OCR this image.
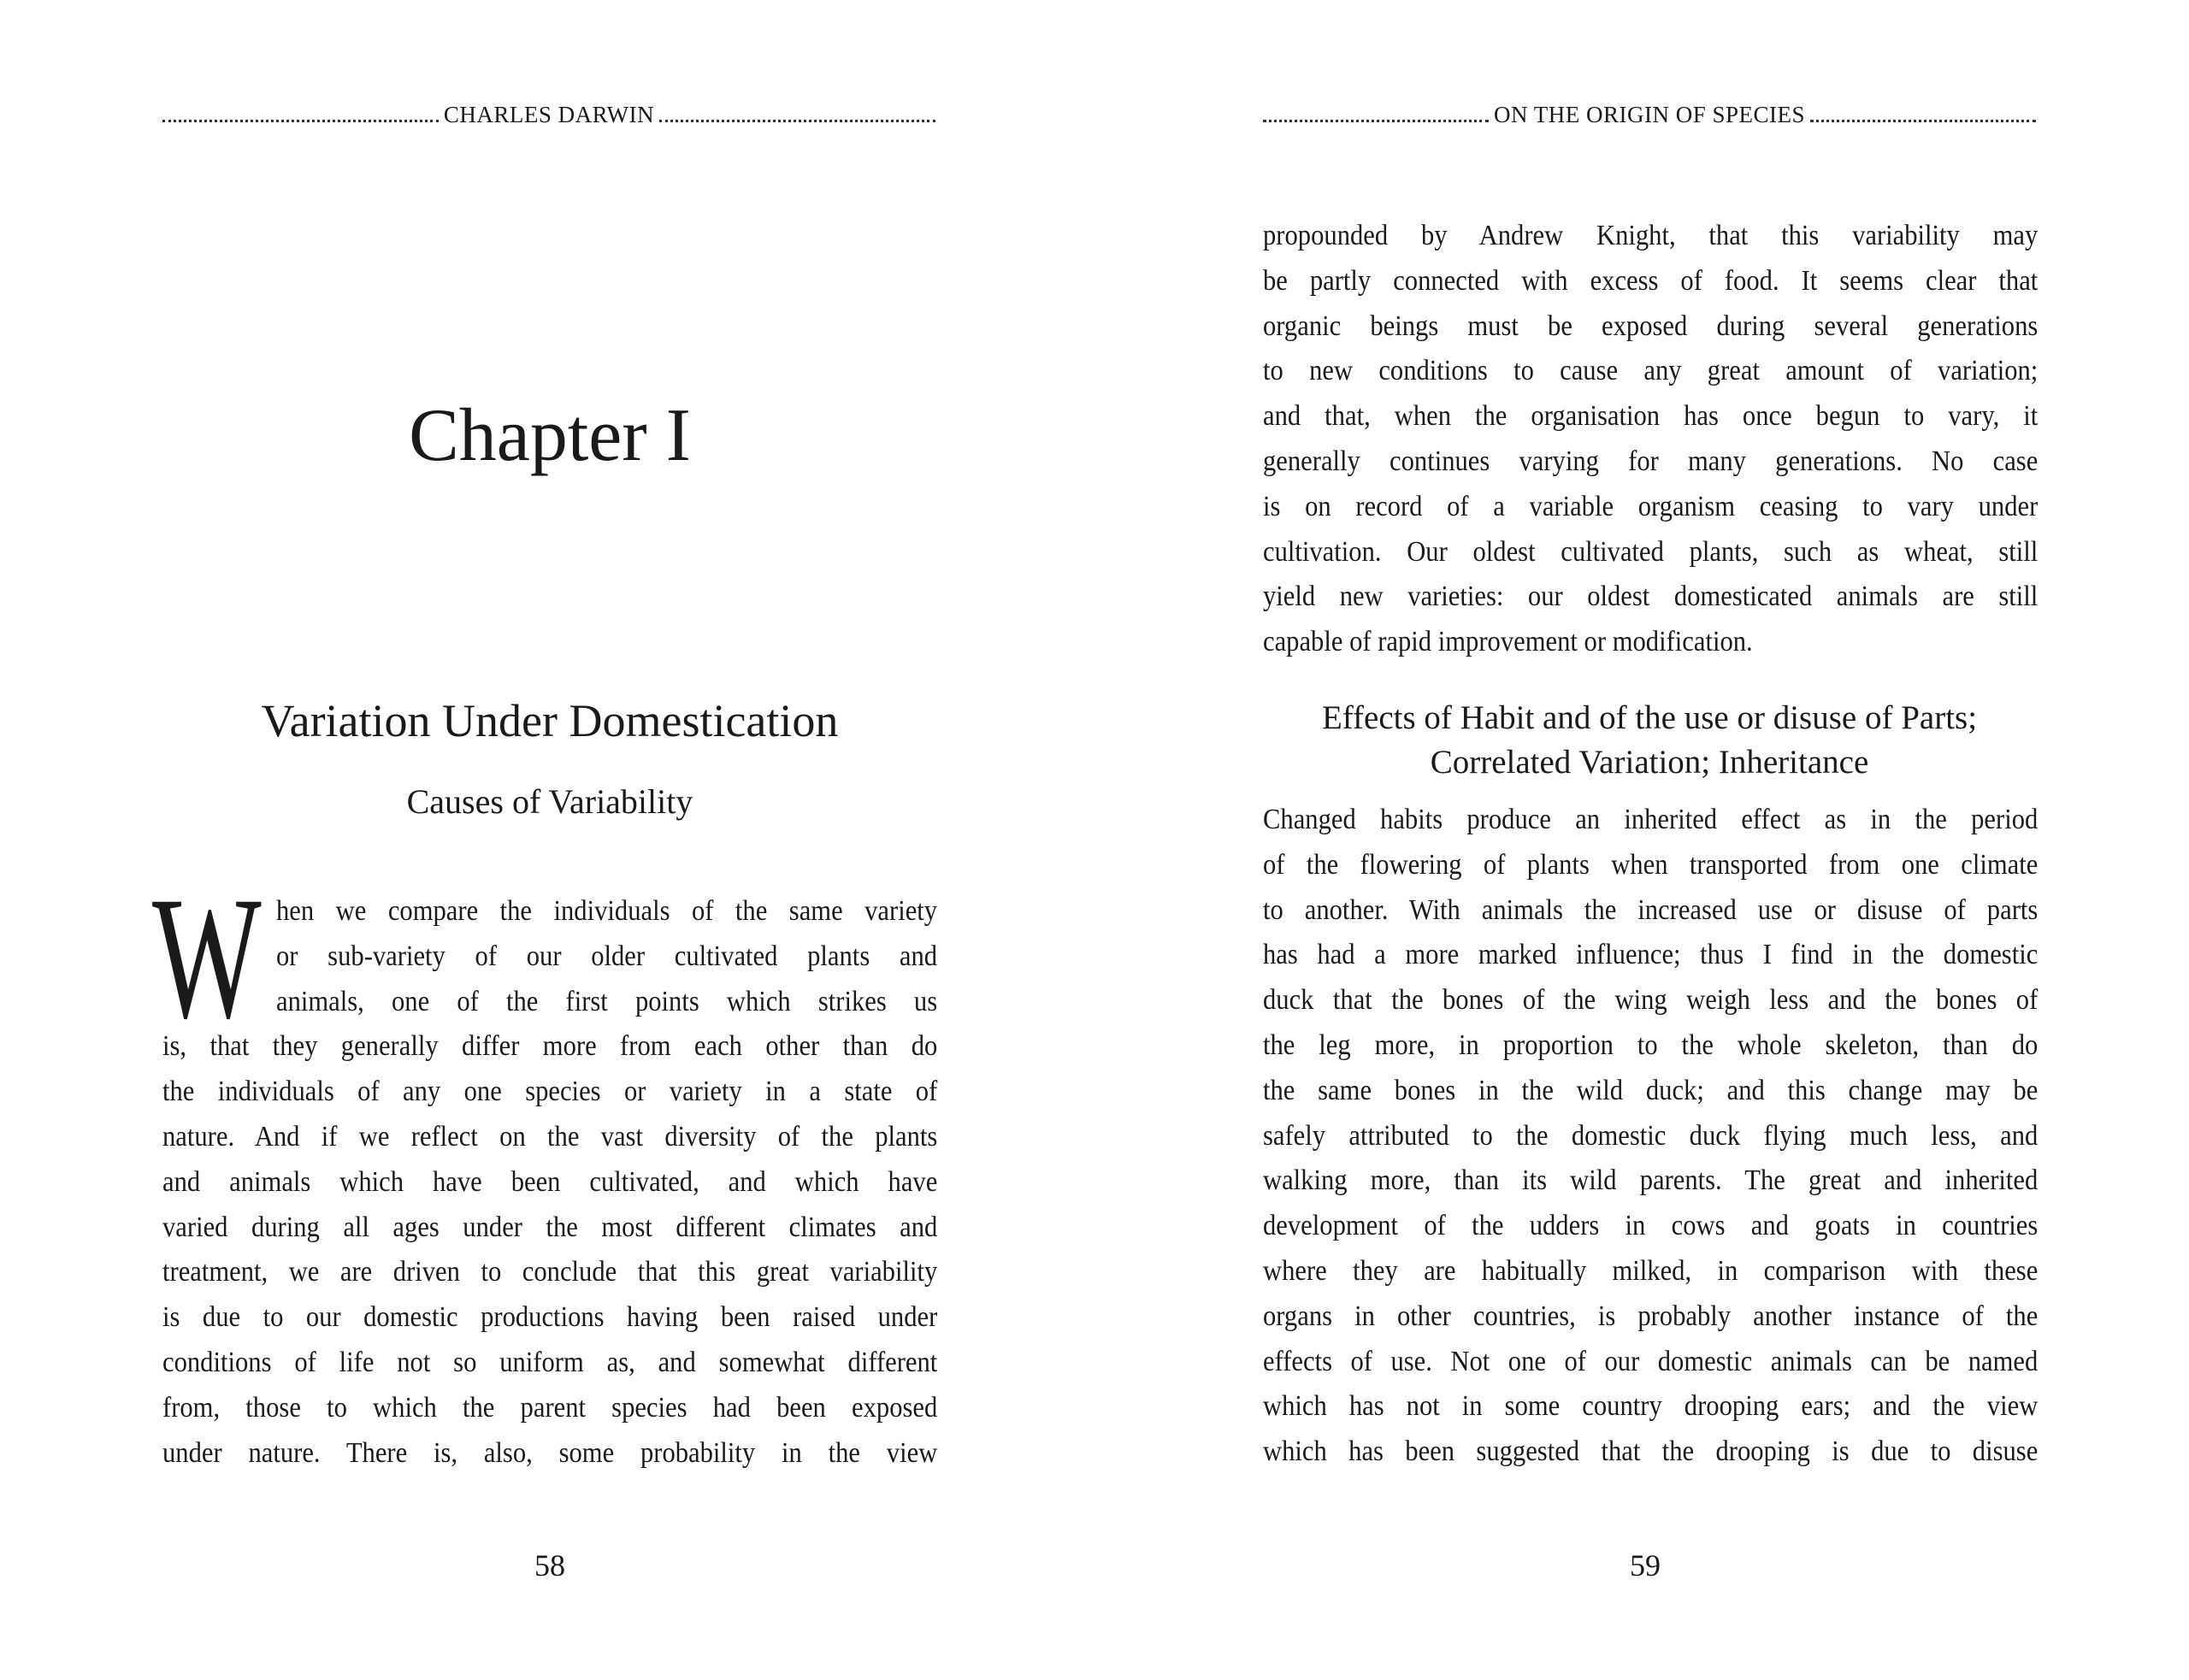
CHARLES DARWIN	ON THE ORIGIN OF SPECIES
Chapter I
Variation Under Domestication
Causes of Variability
W hen we compare the individuals of the same variety
or sub-variety of our older cultivated plants and
animals, one of the first points which strikes us
is, that they generally differ more from each other than do
the individuals of any one species or variety in a state of
nature. And if we reflect on the vast diversity of the plants
and animals which have been cultivated, and which have
varied during all ages under the most different climates and
treatment, we are driven to conclude that this great variability
is due to our domestic productions having been raised under
conditions of life not so uniform as, and somewhat different
from, those to which the parent species had been exposed
under nature. There is, also, some probability in the view
propounded by Andrew Knight, that this variability may
be partly connected with excess of food. It seems clear that
organic beings must be exposed during several generations
to new conditions to cause any great amount of variation;
and that, when the organisation has once begun to vary, it
generally continues varying for many generations. No case
is on record of a variable organism ceasing to vary under
cultivation. Our oldest cultivated plants, such as wheat, still
yield new varieties: our oldest domesticated animals are still
capable of rapid improvement or modification.
Effects of Habit and of the use or disuse of Parts;
Correlated Variation; Inheritance
Changed habits produce an inherited effect as in the period
of the flowering of plants when transported from one climate
to another. With animals the increased use or disuse of parts
has had a more marked influence; thus I find in the domestic
duck that the bones of the wing weigh less and the bones of
the leg more, in proportion to the whole skeleton, than do
the same bones in the wild duck; and this change may be
safely attributed to the domestic duck flying much less, and
walking more, than its wild parents. The great and inherited
development of the udders in cows and goats in countries
where they are habitually milked, in comparison with these
organs in other countries, is probably another instance of the
effects of use. Not one of our domestic animals can be named
which has not in some country drooping ears; and the view
which has been suggested that the drooping is due to disuse
58	59
